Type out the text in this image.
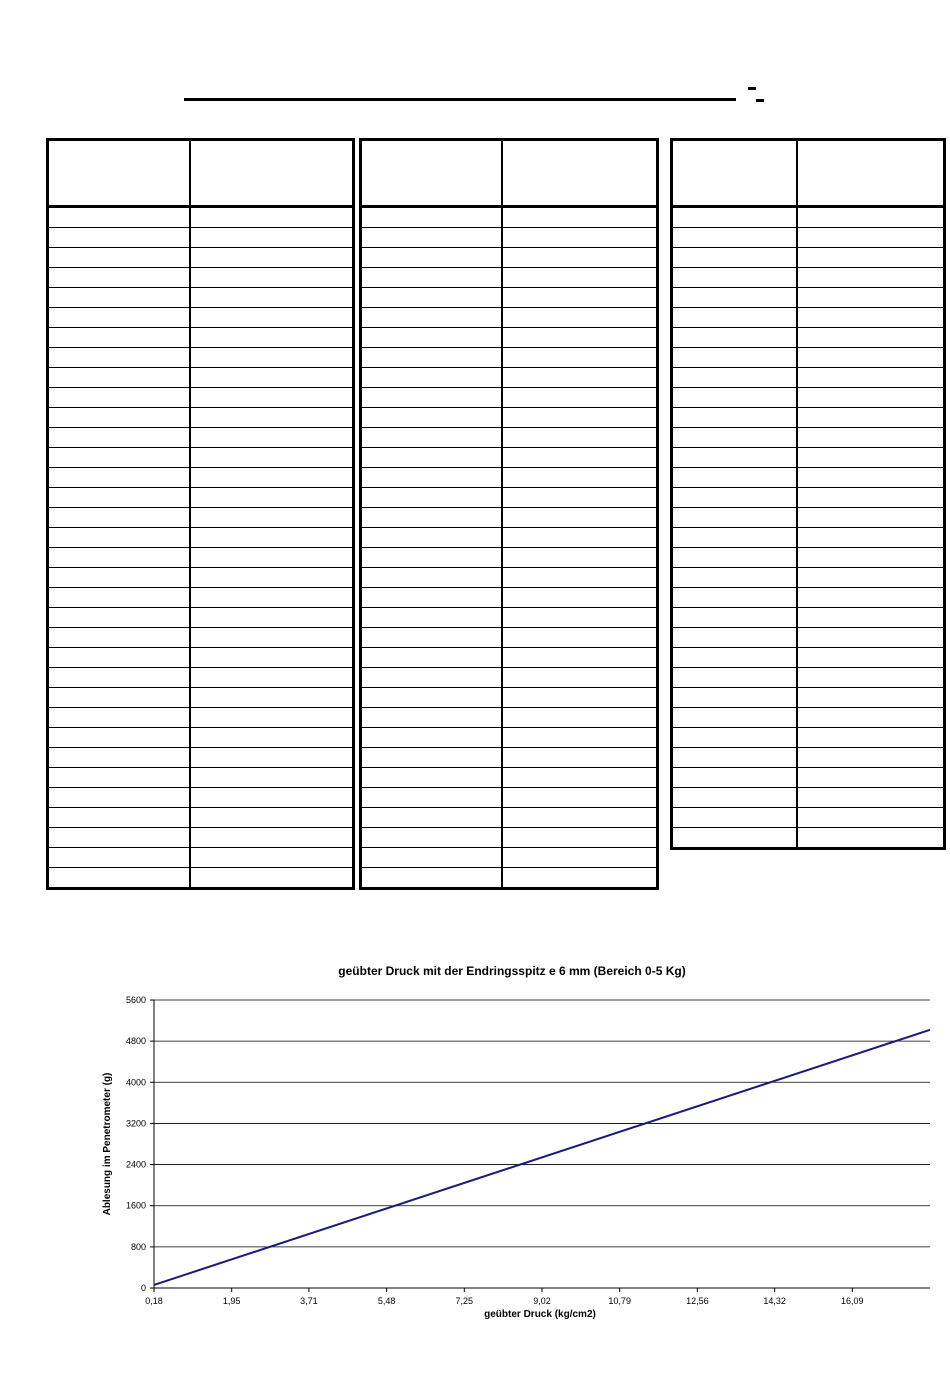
geübter Druck mit der Endringsspitz e 6 mm (Bereich 0-5 Kg)
0
800
1600
2400
3200
4000
4800
5600
0,18	1,95	3,71	5,48	7,25	9,02	10,79	12,56	14,32	16,09
geübter Druck (kg/cm2)
Ablesung im Penetrometer (g)
